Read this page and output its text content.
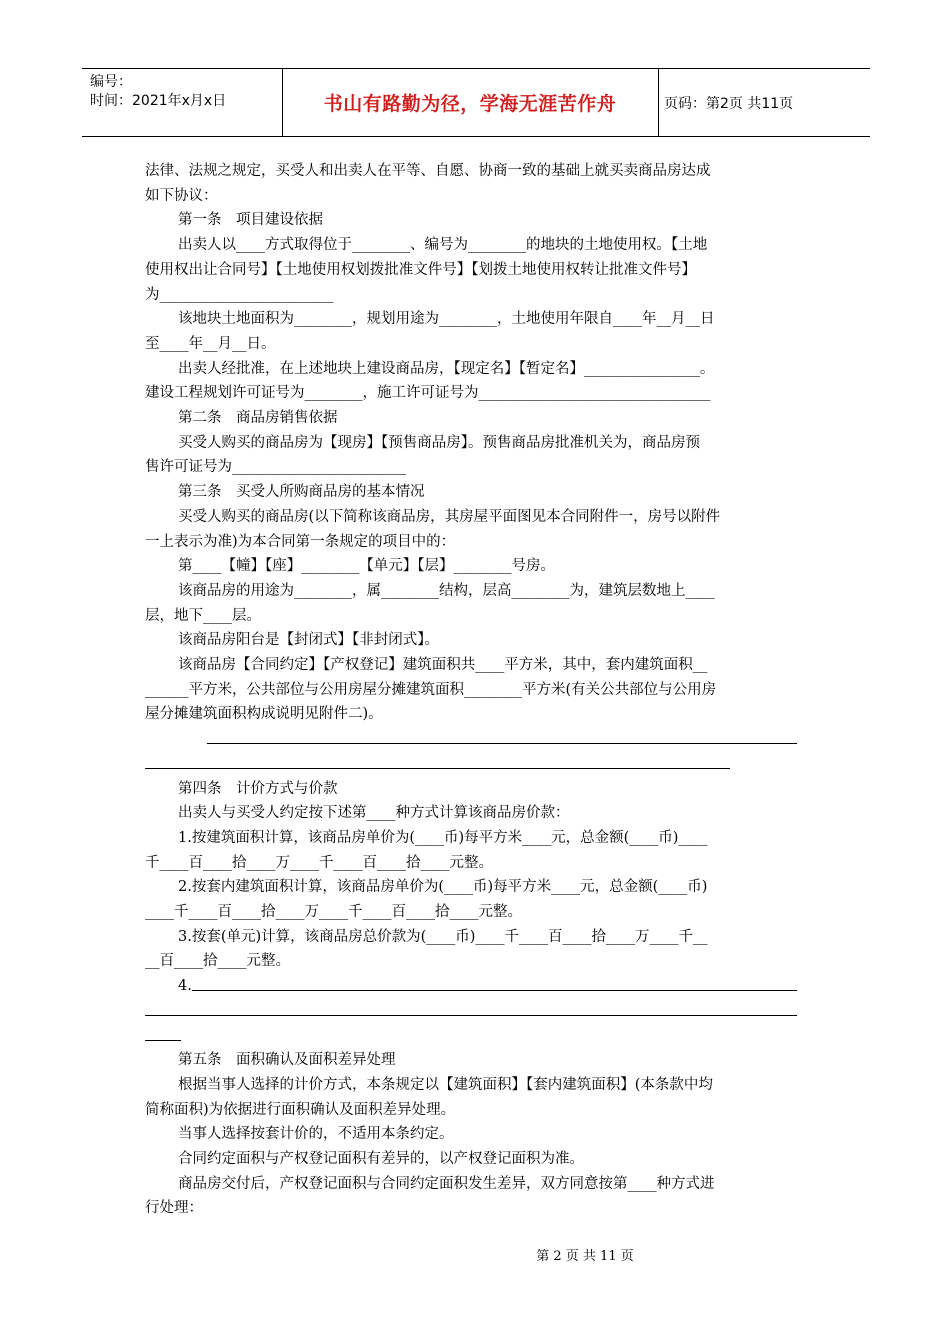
编号：
时间：2021年x月x日	书山有路勤为径，学海无涯苦作舟	页码：第2页 共11页

法律、法规之规定，买受人和出卖人在平等、自愿、协商一致的基础上就买卖商品房达成

如下协议：

第一条　项目建设依据

出卖人以____方式取得位于________、编号为________的地块的土地使用权。【土地

使用权出让合同号】【土地使用权划拨批准文件号】【划拨土地使用权转让批准文件号】

为________________________

该地块土地面积为________，规划用途为________，土地使用年限自____年__月__日

至____年__月__日。

出卖人经批准，在上述地块上建设商品房，【现定名】【暂定名】________________。

建设工程规划许可证号为________，施工许可证号为________________________________

第二条　商品房销售依据

买受人购买的商品房为【现房】【预售商品房】。预售商品房批准机关为，商品房预

售许可证号为________________________

第三条　买受人所购商品房的基本情况

买受人购买的商品房(以下简称该商品房，其房屋平面图见本合同附件一，房号以附件

一上表示为准)为本合同第一条规定的项目中的：

第____【幢】【座】________【单元】【层】________号房。

该商品房的用途为________，属________结构，层高________为，建筑层数地上____

层，地下____层。

该商品房阳台是【封闭式】【非封闭式】。

该商品房【合同约定】【产权登记】建筑面积共____平方米，其中，套内建筑面积__

______平方米，公共部位与公用房屋分摊建筑面积________平方米(有关公共部位与公用房

屋分摊建筑面积构成说明见附件二)。

第四条　计价方式与价款

出卖人与买受人约定按下述第____种方式计算该商品房价款：

1.按建筑面积计算，该商品房单价为(____币)每平方米____元，总金额(____币)____

千____百____拾____万____千____百____拾____元整。

2.按套内建筑面积计算，该商品房单价为(____币)每平方米____元，总金额(____币)

____千____百____拾____万____千____百____拾____元整。

3.按套(单元)计算，该商品房总价款为(____币)____千____百____拾____万____千__

__百____拾____元整。

4.

第五条　面积确认及面积差异处理

根据当事人选择的计价方式，本条规定以【建筑面积】【套内建筑面积】(本条款中均

简称面积)为依据进行面积确认及面积差异处理。

当事人选择按套计价的，不适用本条约定。

合同约定面积与产权登记面积有差异的，以产权登记面积为准。

商品房交付后，产权登记面积与合同约定面积发生差异，双方同意按第____种方式进

行处理：

第 2 页 共 11 页
